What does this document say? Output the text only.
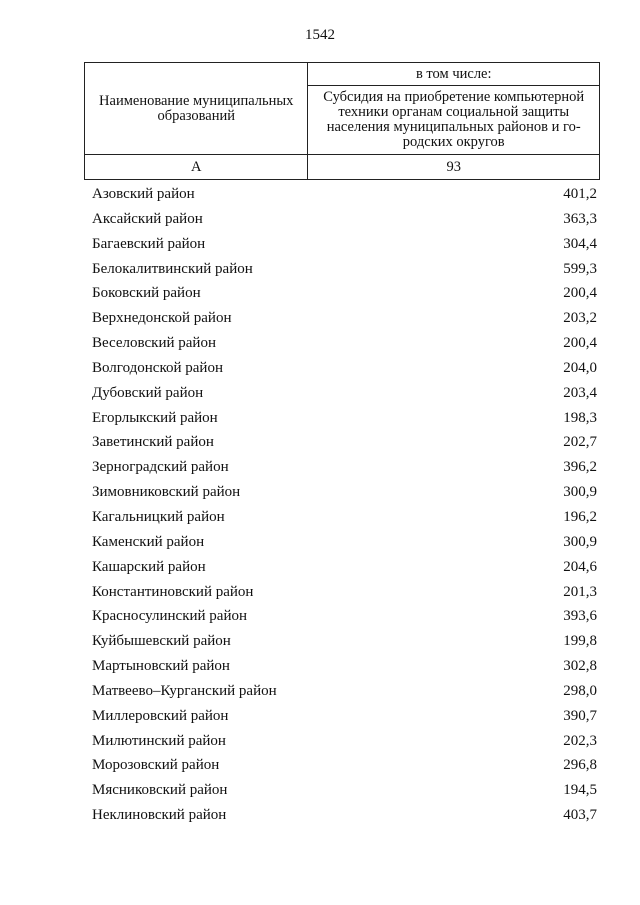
1542
Наименование муниципальных образований	в том числе:
	Субсидия на приобретение компьютерной техники органам социальной защиты населения муниципальных районов и го-родских округов
А	93
Азовский район	401,2
Аксайский район	363,3
Багаевский район	304,4
Белокалитвинский район	599,3
Боковский район	200,4
Верхнедонской район	203,2
Веселовский район	200,4
Волгодонской район	204,0
Дубовский район	203,4
Егорлыкский район	198,3
Заветинский район	202,7
Зерноградский район	396,2
Зимовниковский район	300,9
Кагальницкий район	196,2
Каменский район	300,9
Кашарский район	204,6
Константиновский район	201,3
Красносулинский район	393,6
Куйбышевский район	199,8
Мартыновский район	302,8
Матвеево–Курганский район	298,0
Миллеровский район	390,7
Милютинский район	202,3
Морозовский район	296,8
Мясниковский район	194,5
Неклиновский район	403,7
